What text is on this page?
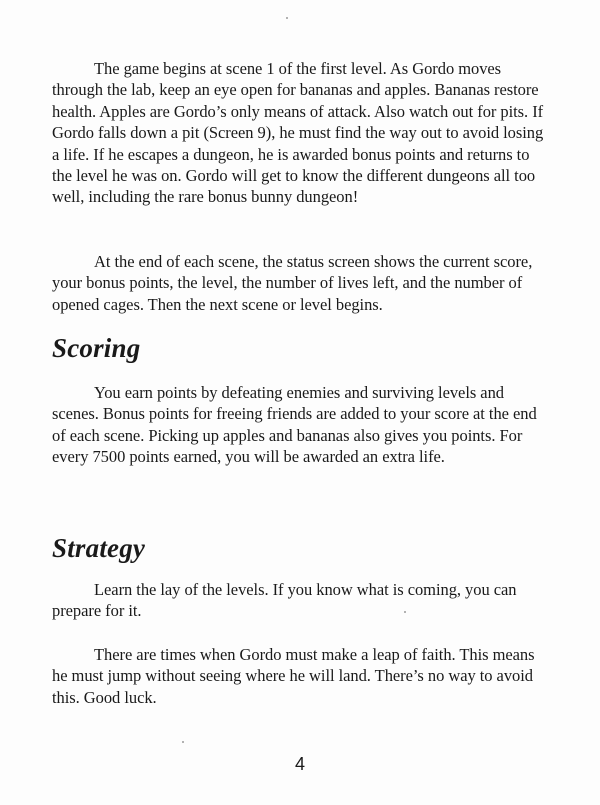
The game begins at scene 1 of the first level. As Gordo moves through the lab, keep an eye open for bananas and apples. Bananas restore health. Apples are Gordo’s only means of attack. Also watch out for pits. If Gordo falls down a pit (Screen 9), he must find the way out to avoid losing a life. If he escapes a dungeon, he is awarded bonus points and returns to the level he was on. Gordo will get to know the different dungeons all too well, including the rare bonus bunny dungeon!

At the end of each scene, the status screen shows the current score, your bonus points, the level, the number of lives left, and the number of opened cages. Then the next scene or level begins.

Scoring

You earn points by defeating enemies and surviving levels and scenes. Bonus points for freeing friends are added to your score at the end of each scene. Picking up apples and bananas also gives you points. For every 7500 points earned, you will be awarded an extra life.

Strategy

Learn the lay of the levels. If you know what is coming, you can prepare for it.

There are times when Gordo must make a leap of faith. This means he must jump without seeing where he will land. There’s no way to avoid this. Good luck.

4
